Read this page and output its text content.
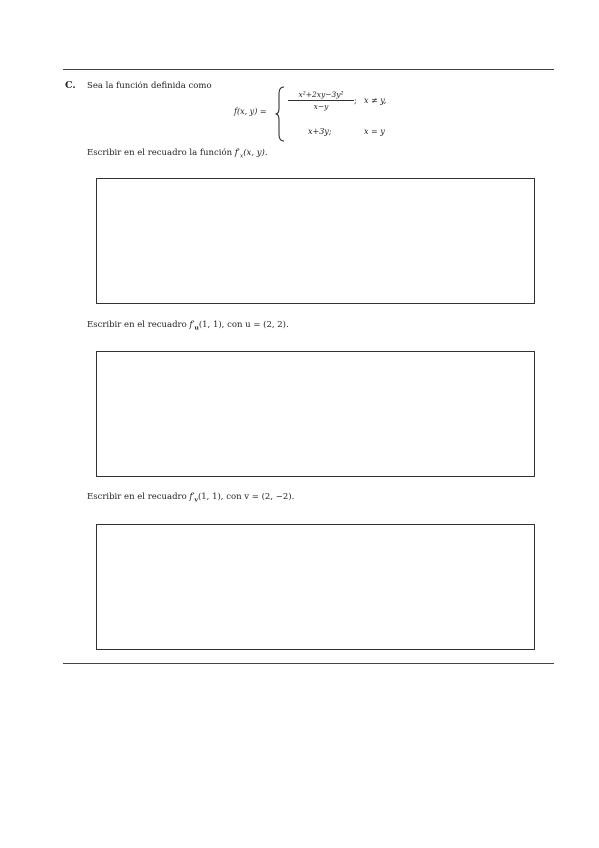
C. Sea la función definida como
f(x, y) =
x²+2xy−3y²
x−y
; x ≠ y,
x+3y;	x = y
Escribir en el recuadro la función $f'_x(x$, y).
Escribir en el recuadro $f'_u(1$, 1), con u = (2, 2).
Escribir en el recuadro $f'_v(1$, 1), con v = (2, −2).
